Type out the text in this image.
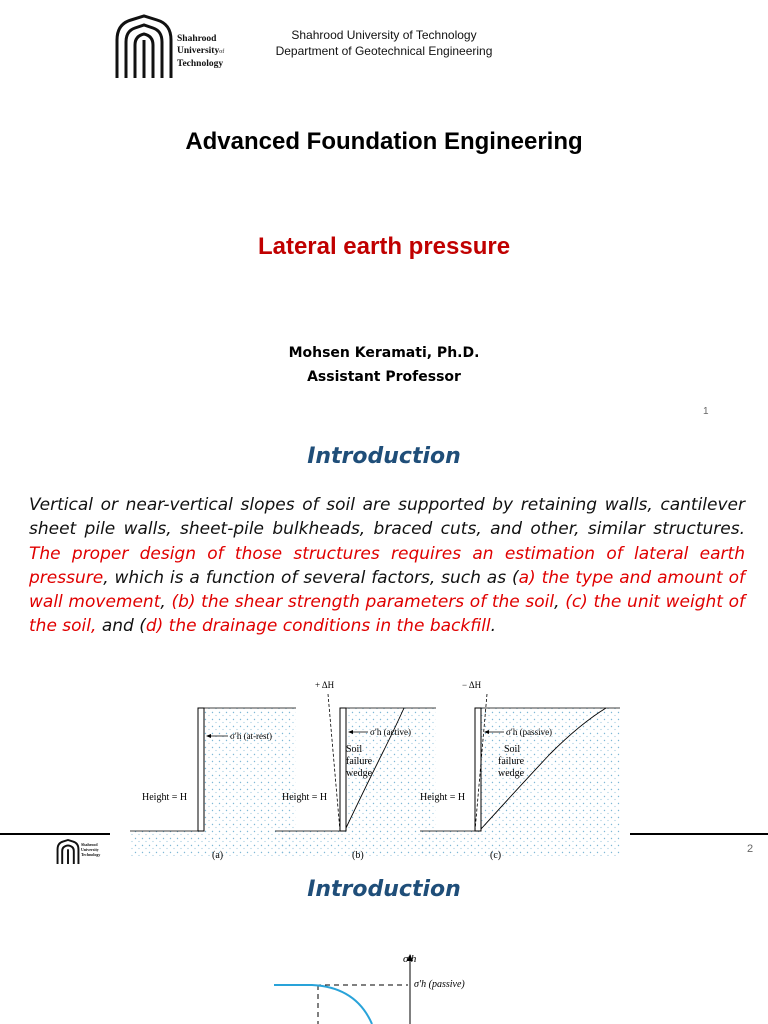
Shahrood
Universityof
Technology
Shahrood University of Technology
Department of Geotechnical Engineering
Advanced Foundation Engineering
Lateral earth pressure
Mohsen Keramati, Ph.D.
Assistant Professor
1
Introduction
Vertical or near-vertical slopes of soil are supported by retaining walls, cantilever sheet pile walls, sheet-pile bulkheads, braced cuts, and other, similar structures. The proper design of those structures requires an estimation of lateral earth pressure, which is a function of several factors, such as (a) the type and amount of wall movement, (b) the shear strength parameters of the soil, (c) the unit weight of the soil, and (d) the drainage conditions in the backfill.
σ′h (at-rest)
Height = H
(a)
+ ΔH
σ′h (active)
Soil
failure
wedge
Height = H
(b)
− ΔH
σ′h (passive)
Soil
failure
wedge
Height = H
(c)
Shahrood
University
Technology	2
Introduction
σ′h
σ′h (passive)
